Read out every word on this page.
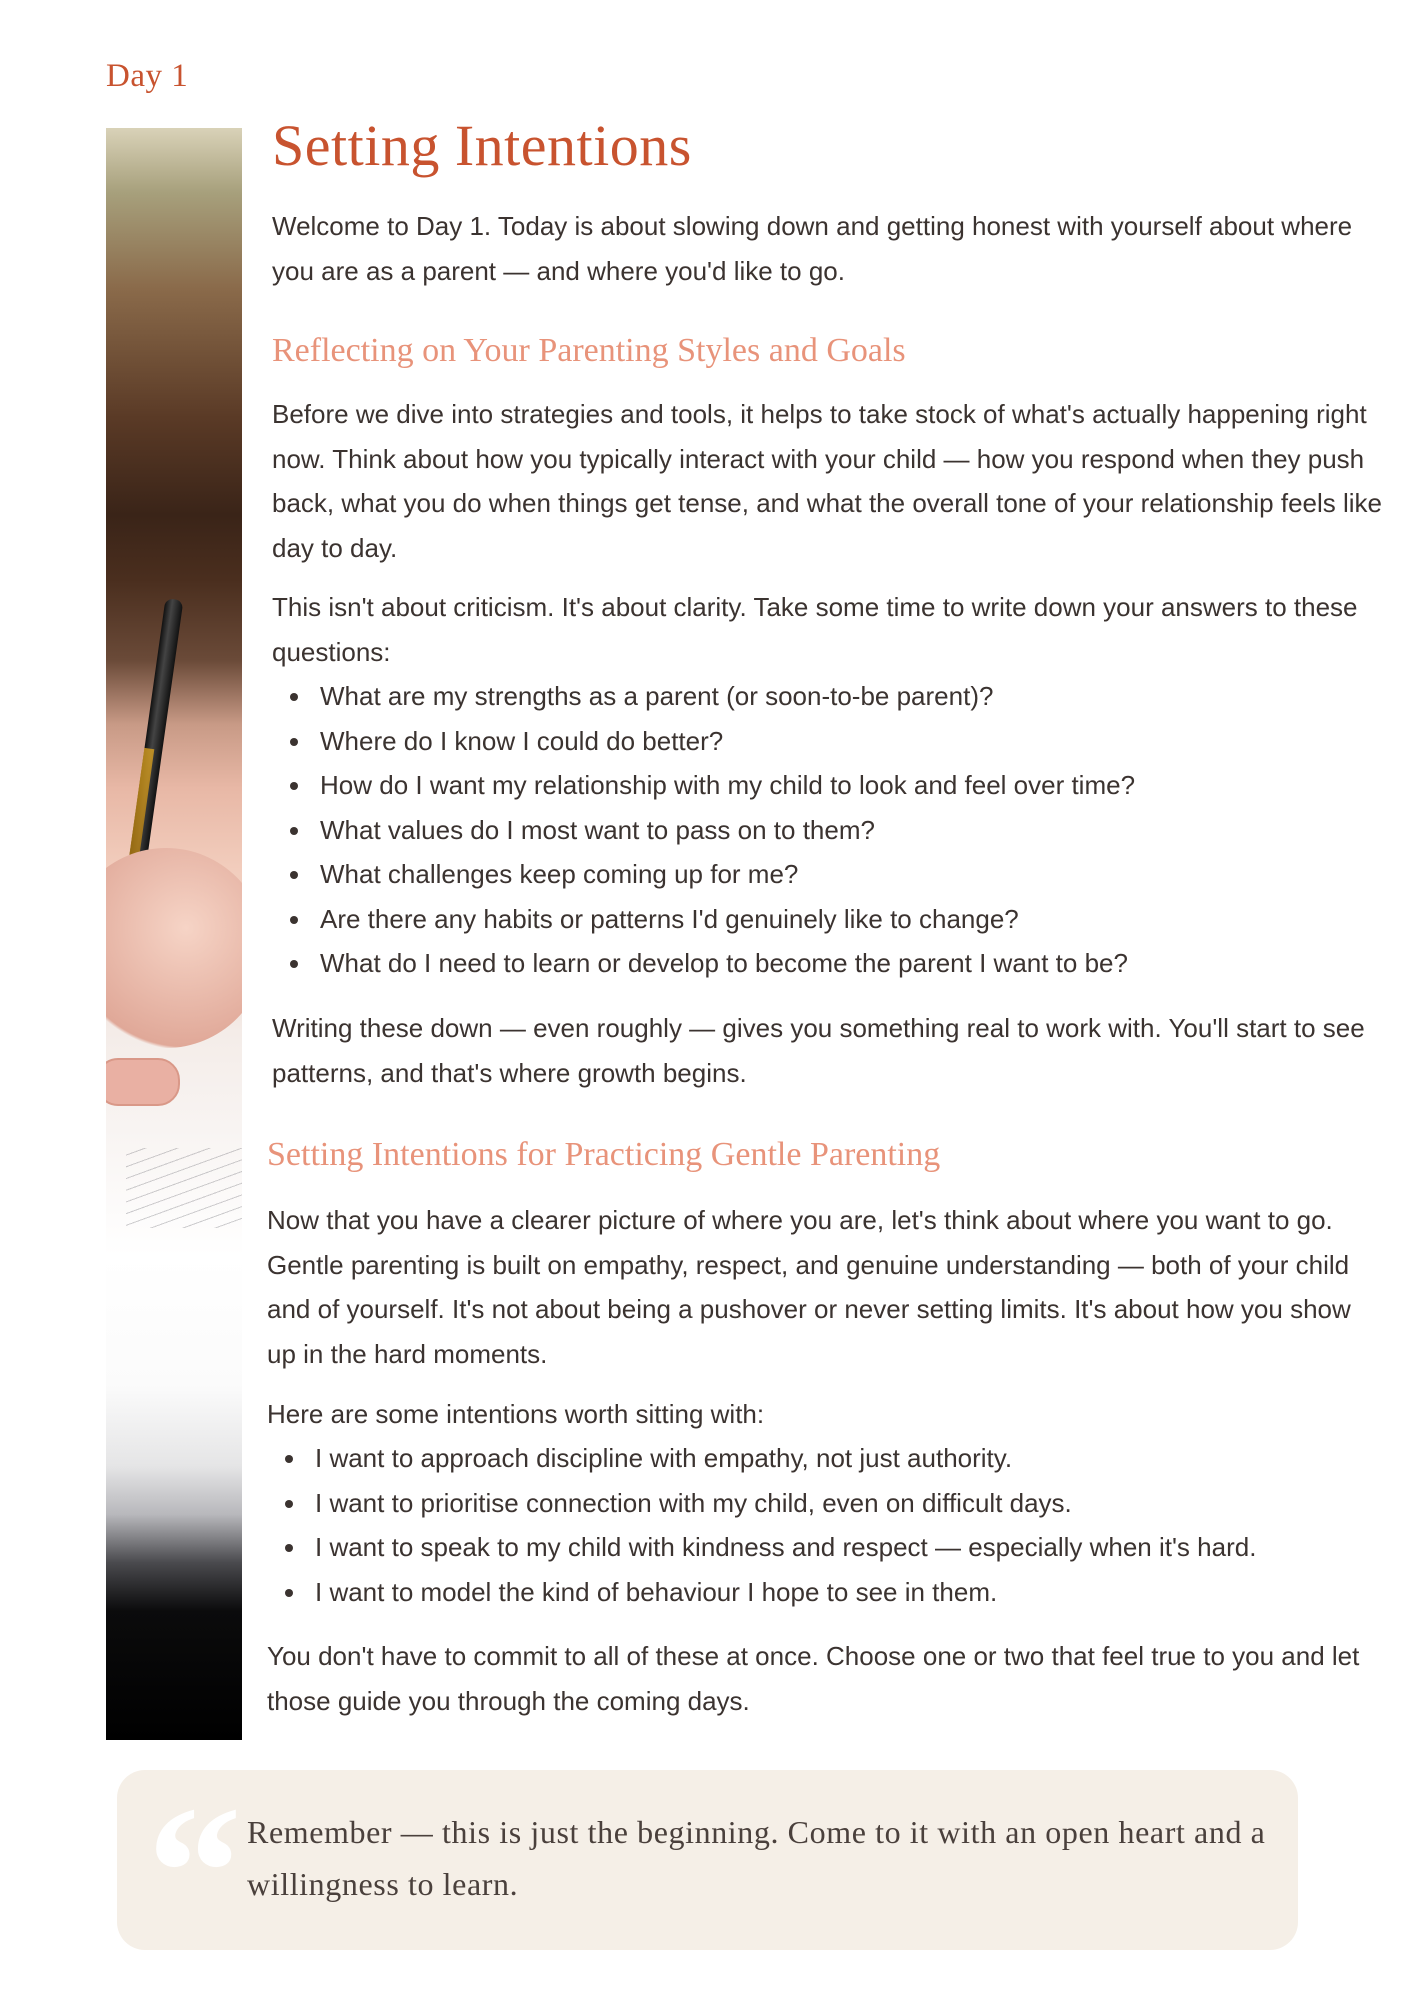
Day 1
Setting Intentions

Welcome to Day 1. Today is about slowing down and getting honest with yourself about where you are as a parent — and where you'd like to go.

Reflecting on Your Parenting Styles and Goals

Before we dive into strategies and tools, it helps to take stock of what's actually happening right now. Think about how you typically interact with your child — how you respond when they push back, what you do when things get tense, and what the overall tone of your relationship feels like day to day.

This isn't about criticism. It's about clarity. Take some time to write down your answers to these questions:

What are my strengths as a parent (or soon-to-be parent)?
Where do I know I could do better?
How do I want my relationship with my child to look and feel over time?
What values do I most want to pass on to them?
What challenges keep coming up for me?
Are there any habits or patterns I'd genuinely like to change?
What do I need to learn or develop to become the parent I want to be?

Writing these down — even roughly — gives you something real to work with. You'll start to see patterns, and that's where growth begins.

Setting Intentions for Practicing Gentle Parenting

Now that you have a clearer picture of where you are, let's think about where you want to go. Gentle parenting is built on empathy, respect, and genuine understanding — both of your child and of yourself. It's not about being a pushover or never setting limits. It's about how you show up in the hard moments.

Here are some intentions worth sitting with:

I want to approach discipline with empathy, not just authority.
I want to prioritise connection with my child, even on difficult days.
I want to speak to my child with kindness and respect — especially when it's hard.
I want to model the kind of behaviour I hope to see in them.

You don't have to commit to all of these at once. Choose one or two that feel true to you and let those guide you through the coming days.

“ Remember — this is just the beginning. Come to it with an open heart and a willingness to learn.
